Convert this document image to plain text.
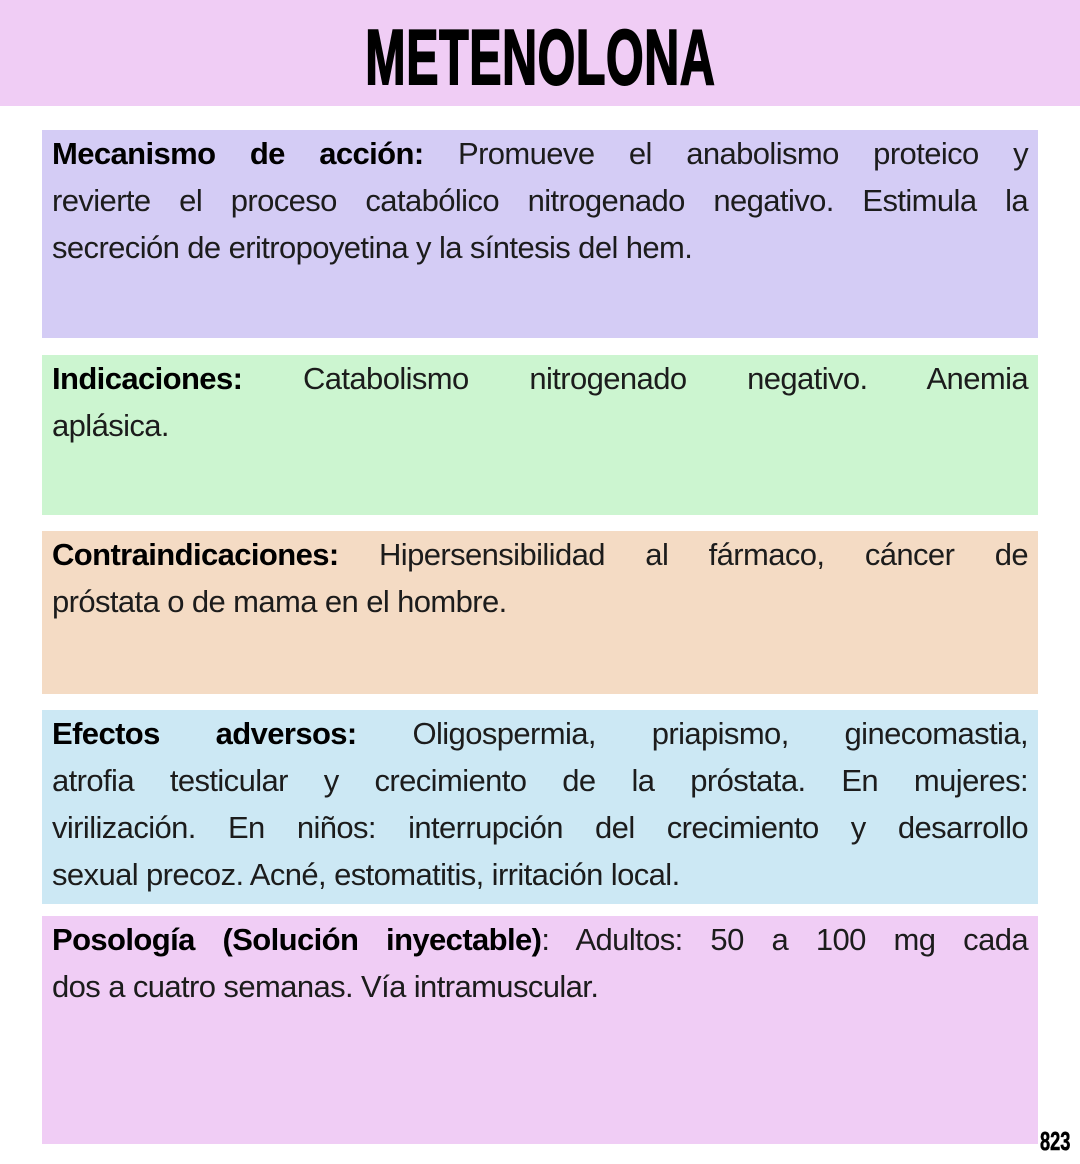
METENOLONA
Mecanismo de acción: Promueve el anabolismo proteico y
revierte el proceso catabólico nitrogenado negativo. Estimula la
secreción de eritropoyetina y la síntesis del hem.
Indicaciones: Catabolismo nitrogenado negativo. Anemia
aplásica.
Contraindicaciones: Hipersensibilidad al fármaco, cáncer de
próstata o de mama en el hombre.
Efectos adversos: Oligospermia, priapismo, ginecomastia,
atrofia testicular y crecimiento de la próstata. En mujeres:
virilización. En niños: interrupción del crecimiento y desarrollo
sexual precoz. Acné, estomatitis, irritación local.
Posología (Solución inyectable): Adultos: 50 a 100 mg cada
dos a cuatro semanas. Vía intramuscular.
823
